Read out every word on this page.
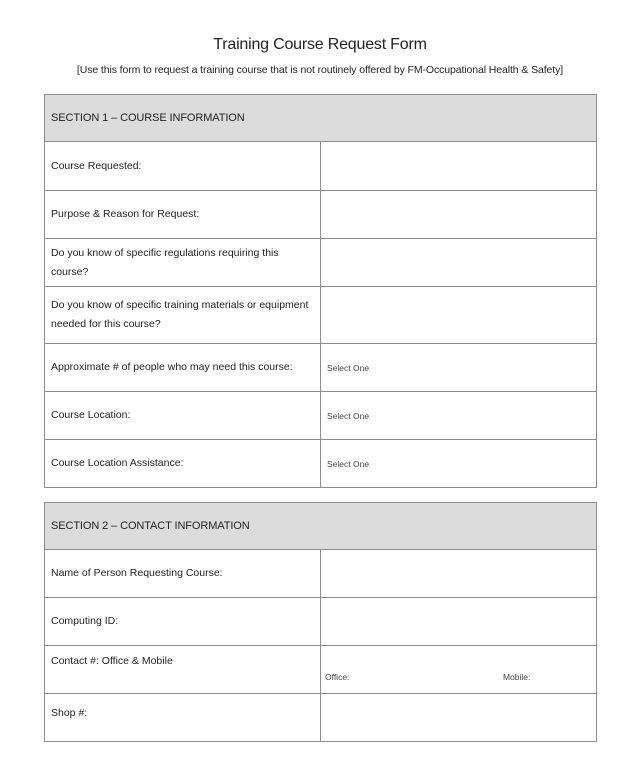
Training Course Request Form
[Use this form to request a training course that is not routinely offered by FM-Occupational Health & Safety]
SECTION 1 – COURSE INFORMATION	
Course Requested:	
Purpose & Reason for Request:	
Do you know of specific regulations requiring this course?	
Do you know of specific training materials or equipment needed for this course?	
Approximate # of people who may need this course:	Select One
Course Location:	Select One
Course Location Assistance:	Select One
SECTION 2 – CONTACT INFORMATION	
Name of Person Requesting Course:	
Computing ID:	
Contact #: Office & Mobile	Office: Mobile:

Shop #:	
